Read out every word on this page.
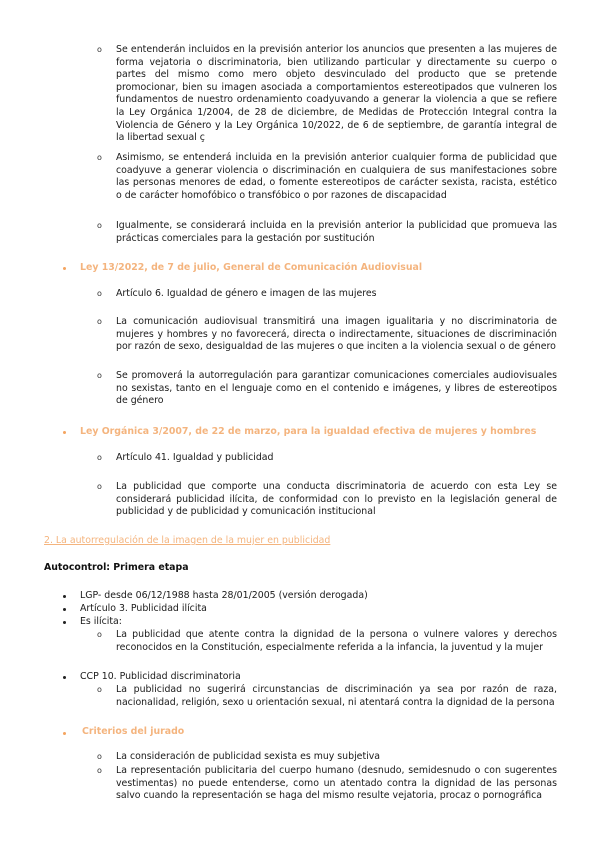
o Se entenderán incluidos en la previsión anterior los anuncios que presenten a las mujeres de forma vejatoria o discriminatoria, bien utilizando particular y directamente su cuerpo o partes del mismo como mero objeto desvinculado del producto que se pretende promocionar, bien su imagen asociada a comportamientos estereotipados que vulneren los fundamentos de nuestro ordenamiento coadyuvando a generar la violencia a que se refiere la Ley Orgánica 1/2004, de 28 de diciembre, de Medidas de Protección Integral contra la Violencia de Género y la Ley Orgánica 10/2022, de 6 de septiembre, de garantía integral de la libertad sexual ç
o Asimismo, se entenderá incluida en la previsión anterior cualquier forma de publicidad que coadyuve a generar violencia o discriminación en cualquiera de sus manifestaciones sobre las personas menores de edad, o fomente estereotipos de carácter sexista, racista, estético o de carácter homofóbico o transfóbico o por razones de discapacidad
o Igualmente, se considerará incluida en la previsión anterior la publicidad que promueva las prácticas comerciales para la gestación por sustitución
Ley 13/2022, de 7 de julio, General de Comunicación Audiovisual
o Artículo 6. Igualdad de género e imagen de las mujeres
o La comunicación audiovisual transmitirá una imagen igualitaria y no discriminatoria de mujeres y hombres y no favorecerá, directa o indirectamente, situaciones de discriminación por razón de sexo, desigualdad de las mujeres o que inciten a la violencia sexual o de género
o Se promoverá la autorregulación para garantizar comunicaciones comerciales audiovisuales no sexistas, tanto en el lenguaje como en el contenido e imágenes, y libres de estereotipos de género
Ley Orgánica 3/2007, de 22 de marzo, para la igualdad efectiva de mujeres y hombres
o Artículo 41. Igualdad y publicidad
o La publicidad que comporte una conducta discriminatoria de acuerdo con esta Ley se considerará publicidad ilícita, de conformidad con lo previsto en la legislación general de publicidad y de publicidad y comunicación institucional
2. La autorregulación de la imagen de la mujer en publicidad
Autocontrol: Primera etapa
LGP- desde 06/12/1988 hasta 28/01/2005 (versión derogada)
Artículo 3. Publicidad ilícita
Es ilícita:
o La publicidad que atente contra la dignidad de la persona o vulnere valores y derechos reconocidos en la Constitución, especialmente referida a la infancia, la juventud y la mujer
CCP 10. Publicidad discriminatoria
o La publicidad no sugerirá circunstancias de discriminación ya sea por razón de raza, nacionalidad, religión, sexo u orientación sexual, ni atentará contra la dignidad de la persona
Criterios del jurado
o La consideración de publicidad sexista es muy subjetiva
o La representación publicitaria del cuerpo humano (desnudo, semidesnudo o con sugerentes vestimentas) no puede entenderse, como un atentado contra la dignidad de las personas salvo cuando la representación se haga del mismo resulte vejatoria, procaz o pornográfica
